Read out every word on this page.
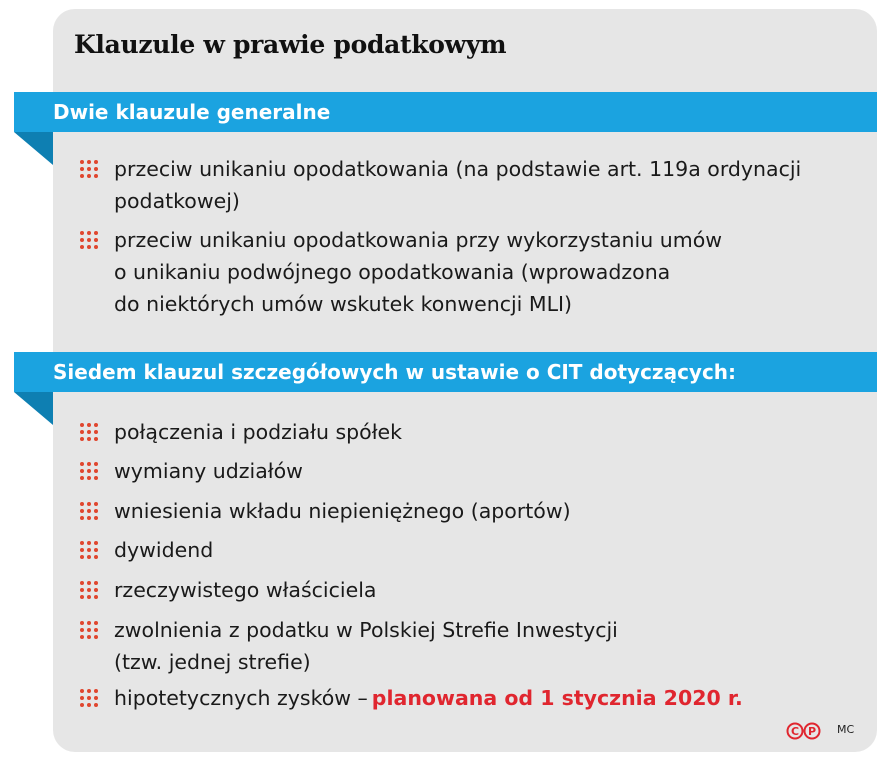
Klauzule w prawie podatkowym
Dwie klauzule generalne
przeciw unikaniu opodatkowania (na podstawie art. 119a ordynacji
podatkowej)
przeciw unikaniu opodatkowania przy wykorzystaniu umów
o unikaniu podwójnego opodatkowania (wprowadzona
do niektórych umów wskutek konwencji MLI)
Siedem klauzul szczegółowych w ustawie o CIT dotyczących:
połączenia i podziału spółek
wymiany udziałów
wniesienia wkładu niepieniężnego (aportów)
dywidend
rzeczywistego właściciela
zwolnienia z podatku w Polskiej Strefie Inwestycji
(tzw. jednej strefie)
hipotetycznych zysków – planowana od 1 stycznia 2020 r.
C P MC
